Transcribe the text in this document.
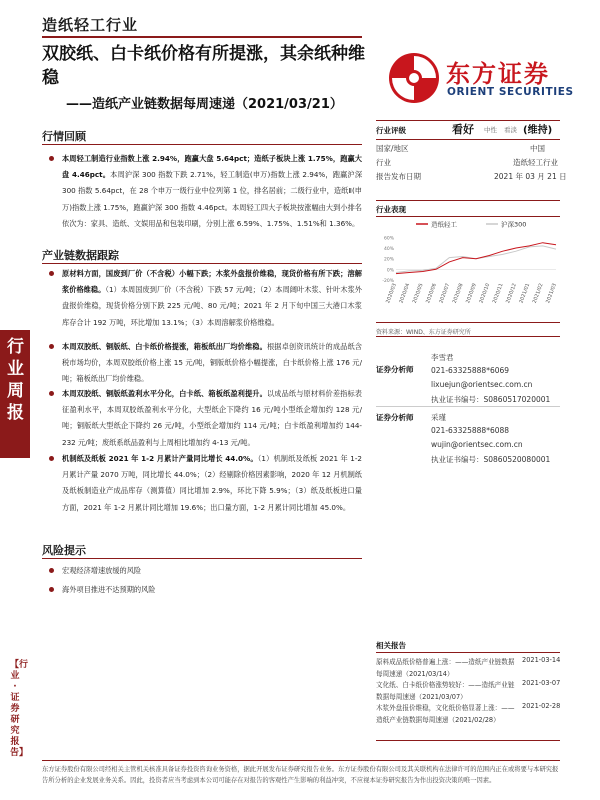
造纸轻工行业
双胶纸、白卡纸价格有所提涨，其余纸种维稳
——造纸产业链数据每周速递（2021/03/21）
东方证券
ORIENT SECURITIES
行业周报
【行业·证券研究报告】
行情回顾
本周轻工制造行业指数上涨 2.94%，跑赢大盘 5.64pct；造纸子板块上涨 1.75%，跑赢大盘 4.46pct。本周沪深 300 指数下跌 2.71%，轻工制造(申万)指数上涨 2.94%，跑赢沪深 300 指数 5.64pct，在 28 个申万一级行业中位列第 1 位，排名居前；二级行业中，造纸Ⅱ(申万)指数上涨 1.75%，跑赢沪深 300 指数 4.46pct。本周轻工四大子板块按涨幅由大到小排名依次为：家具、造纸、文娱用品和包装印刷，分别上涨 6.59%、1.75%、1.51%和 1.36%。
产业链数据跟踪
原材料方面，国废到厂价（不含税）小幅下跌；木浆外盘报价维稳，现货价格有所下跌；溶解浆价格维稳。（1）本周国废到厂价（不含税）下跌 57 元/吨；（2）本周阔叶木浆、针叶木浆外盘报价维稳，现货价格分别下跌 225 元/吨、80 元/吨；2021 年 2 月下旬中国三大港口木浆库存合计 192 万吨，环比增加 13.1%；（3）本周溶解浆价格维稳。
本周双胶纸、铜版纸、白卡纸价格提涨，箱板纸出厂均价维稳。根据卓创资讯统计的成品纸含税市场均价，本周双胶纸价格上涨 15 元/吨，铜版纸价格小幅提涨，白卡纸价格上涨 176 元/吨；箱板纸出厂均价维稳。
本周双胶纸、铜版纸盈利水平分化，白卡纸、箱板纸盈利提升。以成品纸与原材料价差指标表征盈利水平，本周双胶纸盈利水平分化，大型纸企下降约 16 元/吨小型纸企增加约 128 元/吨；铜版纸大型纸企下降约 26 元/吨，小型纸企增加约 114 元/吨；白卡纸盈利增加约 144-232 元/吨；废纸系纸品盈利与上周相比增加约 4-13 元/吨。
机制纸及纸板 2021 年 1-2 月累计产量同比增长 44.0%。（1）机制纸及纸板 2021 年 1-2 月累计产量 2070 万吨，同比增长 44.0%；（2）经剔除价格因素影响，2020 年 12 月机制纸及纸板制造业产成品库存（测算值）同比增加 2.9%，环比下降 5.9%；（3）纸及纸板进口量方面，2021 年 1-2 月累计同比增加 19.6%；出口量方面，1-2 月累计同比增加 45.0%。
风险提示
宏观经济增速放缓的风险
海外项目推进不达预期的风险
行业评级	看好 中性 看淡 (维持)
国家/地区	中国
行业	造纸轻工行业
报告发布日期	2021 年 03 月 21 日
行业表现
造纸轻工	沪深300
-20%
0%
20%
40%
60%
2020/03 2020/04 2020/05 2020/06 2020/07 2020/08 2020/09 2020/10 2020/11 2020/12 2021/01 2021/02 2021/03
资料来源：WIND、东方证券研究所
证券分析师
李雪君
021-63325888*6069
lixuejun@orientsec.com.cn
执业证书编号：S0860517020001
证券分析师 采瑾
021-63325888*6088
wujin@orientsec.com.cn
执业证书编号：S0860520080001
相关报告
原料成品纸价格普遍上涨：——造纸产业链数据每周速递（2021/03/14）
2021-03-14
文化纸、白卡纸价格涨势较好：——造纸产业链数据每周速递（2021/03/07）
2021-03-07
木浆外盘报价维稳，文化纸价格显著上涨：——造纸产业链数据每周速递（2021/02/28）
2021-02-28
东方证券股份有限公司经相关主管机关核准具备证券投资咨询业务资格，据此开展发布证券研究报告业务。东方证券股份有限公司及其关联机构在法律许可的范围内正在或将要与本研究报告所分析的企业发展业务关系。因此，投资者应当考虑到本公司可能存在对报告的客观性产生影响的利益冲突，不应视本证券研究报告为作出投资决策的唯一因素。
